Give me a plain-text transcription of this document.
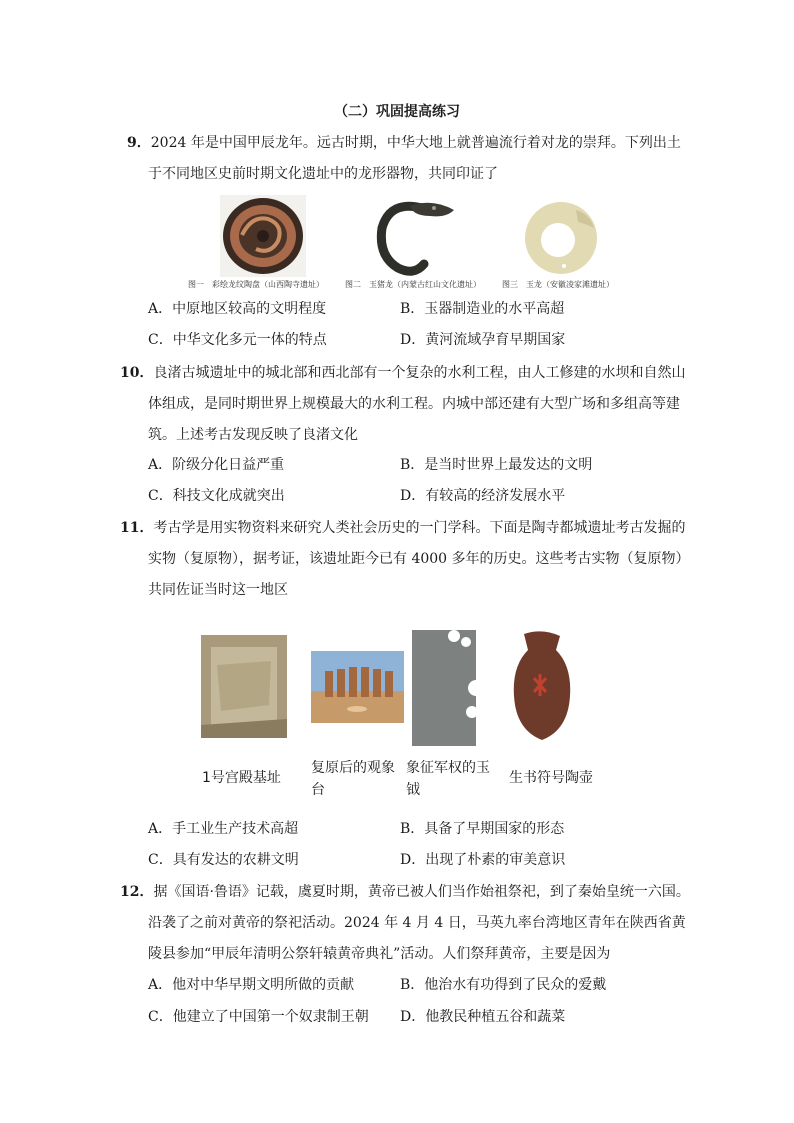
（二）巩固提高练习
9．2024 年是中国甲辰龙年。远古时期，中华大地上就普遍流行着对龙的崇拜。下列出土
于不同地区史前时期文化遗址中的龙形器物，共同印证了
图一　彩绘龙纹陶盘（山西陶寺遗址）	图二　玉猪龙（内蒙古红山文化遗址）	图三　玉龙（安徽凌家滩遗址）
A．中原地区较高的文明程度	B．玉器制造业的水平高超
C．中华文化多元一体的特点	D．黄河流域孕育早期国家
10．良渚古城遗址中的城北部和西北部有一个复杂的水利工程，由人工修建的水坝和自然山
体组成，是同时期世界上规模最大的水利工程。内城中部还建有大型广场和多组高等建
筑。上述考古发现反映了良渚文化
A．阶级分化日益严重	B．是当时世界上最发达的文明
C．科技文化成就突出	D．有较高的经济发展水平
11．考古学是用实物资料来研究人类社会历史的一门学科。下面是陶寺都城遗址考古发掘的
实物（复原物），据考证，该遗址距今已有 4000 多年的历史。这些考古实物（复原物）
共同佐证当时这一地区
1号宫殿基址
复原后的观象台
象征军权的玉钺
生书符号陶壶
A．手工业生产技术高超	B．具备了早期国家的形态
C．具有发达的农耕文明	D．出现了朴素的审美意识
12．据《国语·鲁语》记载，虞夏时期，黄帝已被人们当作始祖祭祀，到了秦始皇统一六国。
沿袭了之前对黄帝的祭祀活动。2024 年 4 月 4 日，马英九率台湾地区青年在陕西省黄
陵县参加“甲辰年清明公祭轩辕黄帝典礼”活动。人们祭拜黄帝，主要是因为
A．他对中华早期文明所做的贡献	B．他治水有功得到了民众的爱戴
C．他建立了中国第一个奴隶制王朝 D．他教民种植五谷和蔬菜
